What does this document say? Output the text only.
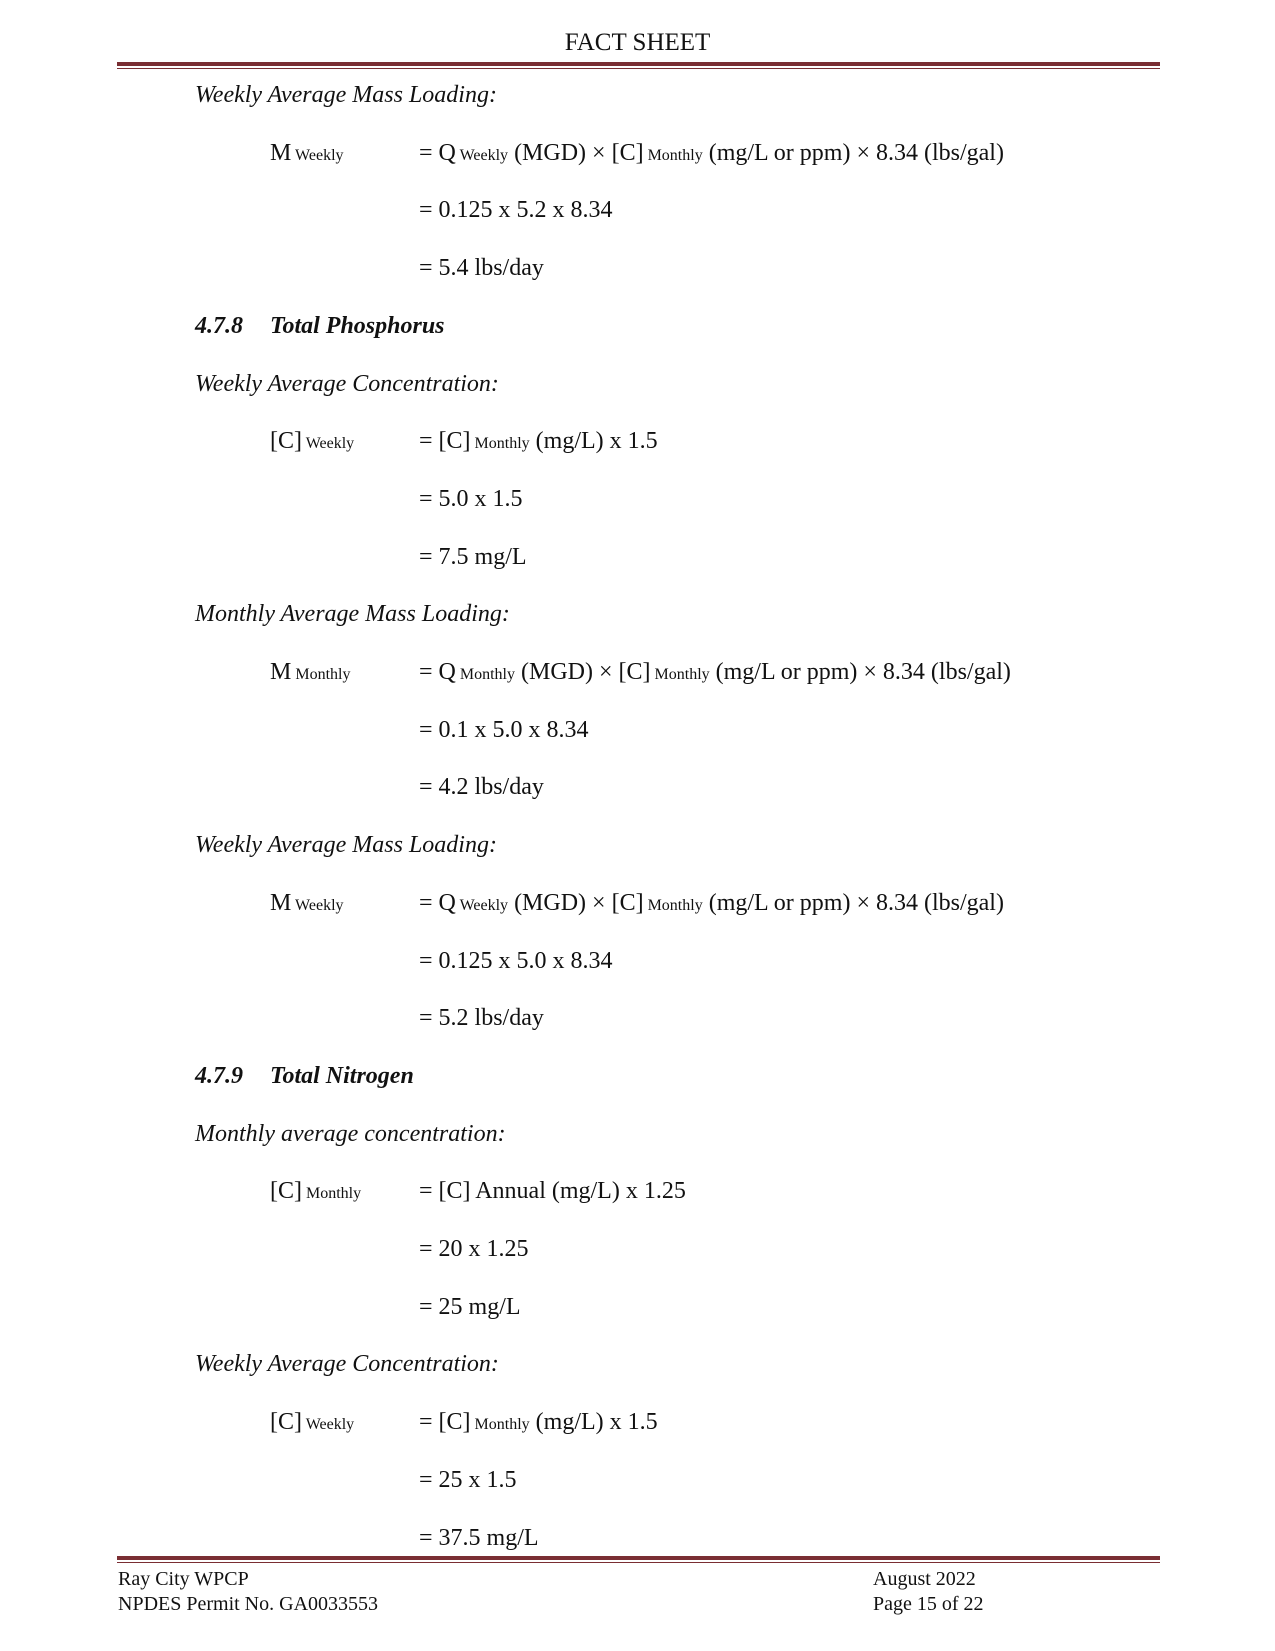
FACT SHEET
Weekly Average Mass Loading:
M Weekly	= Q Weekly (MGD) × [C] Monthly (mg/L or ppm) × 8.34 (lbs/gal)
= 0.125 x 5.2 x 8.34
= 5.4 lbs/day
4.7.8 Total Phosphorus
Weekly Average Concentration:
[C] Weekly	= [C] Monthly (mg/L) x 1.5
= 5.0 x 1.5
= 7.5 mg/L
Monthly Average Mass Loading:
M Monthly	= Q Monthly (MGD) × [C] Monthly (mg/L or ppm) × 8.34 (lbs/gal)
= 0.1 x 5.0 x 8.34
= 4.2 lbs/day
Weekly Average Mass Loading:
M Weekly	= Q Weekly (MGD) × [C] Monthly (mg/L or ppm) × 8.34 (lbs/gal)
= 0.125 x 5.0 x 8.34
= 5.2 lbs/day
4.7.9 Total Nitrogen
Monthly average concentration:
[C] Monthly = [C] Annual (mg/L) x 1.25
= 20 x 1.25
= 25 mg/L
Weekly Average Concentration:
[C] Weekly	= [C] Monthly (mg/L) x 1.5
= 25 x 1.5
= 37.5 mg/L
Ray City WPCP
NPDES Permit No. GA0033553
August 2022
Page 15 of 22
